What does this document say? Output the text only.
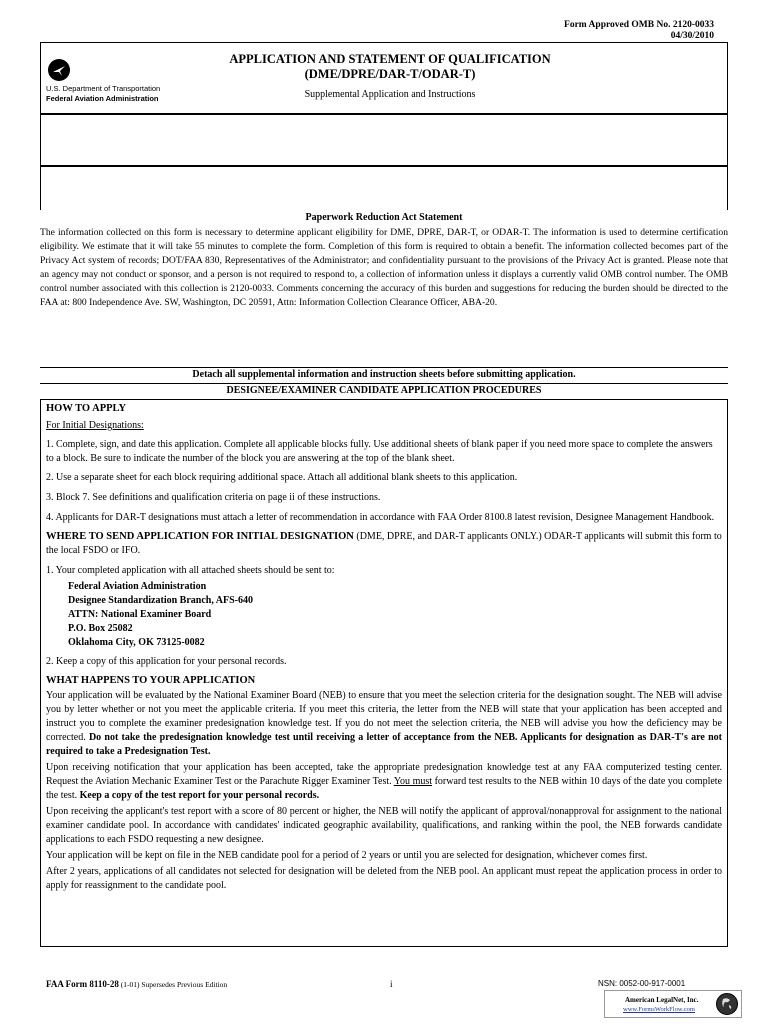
Form Approved OMB No. 2120-0033
04/30/2010
U.S. Department of Transportation
Federal Aviation Administration
APPLICATION AND STATEMENT OF QUALIFICATION
(DME/DPRE/DAR-T/ODAR-T)
Supplemental Application and Instructions
Paperwork Reduction Act Statement
The information collected on this form is necessary to determine applicant eligibility for DME, DPRE, DAR-T, or ODAR-T. The information is used to determine certification eligibility. We estimate that it will take 55 minutes to complete the form. Completion of this form is required to obtain a benefit. The information collected becomes part of the Privacy Act system of records; DOT/FAA 830, Representatives of the Administrator; and confidentiality pursuant to the provisions of the Privacy Act is granted. Please note that an agency may not conduct or sponsor, and a person is not required to respond to, a collection of information unless it displays a currently valid OMB control number. The OMB control number associated with this collection is 2120-0033. Comments concerning the accuracy of this burden and suggestions for reducing the burden should be directed to the FAA at: 800 Independence Ave. SW, Washington, DC 20591, Attn: Information Collection Clearance Officer, ABA-20.
Detach all supplemental information and instruction sheets before submitting application.
DESIGNEE/EXAMINER CANDIDATE APPLICATION PROCEDURES
HOW TO APPLY
For Initial Designations:
1. Complete, sign, and date this application. Complete all applicable blocks fully. Use additional sheets of blank paper if you need more space to complete the answers to a block. Be sure to indicate the number of the block you are answering at the top of the blank sheet.
2. Use a separate sheet for each block requiring additional space. Attach all additional blank sheets to this application.
3. Block 7. See definitions and qualification criteria on page ii of these instructions.
4. Applicants for DAR-T designations must attach a letter of recommendation in accordance with FAA Order 8100.8 latest revision, Designee Management Handbook.
WHERE TO SEND APPLICATION FOR INITIAL DESIGNATION (DME, DPRE, and DAR-T applicants ONLY.) ODAR-T applicants will submit this form to the local FSDO or IFO.
1. Your completed application with all attached sheets should be sent to:
Federal Aviation Administration
Designee Standardization Branch, AFS-640
ATTN: National Examiner Board
P.O. Box 25082
Oklahoma City, OK 73125-0082
2. Keep a copy of this application for your personal records.
WHAT HAPPENS TO YOUR APPLICATION
Your application will be evaluated by the National Examiner Board (NEB) to ensure that you meet the selection criteria for the designation sought. The NEB will advise you by letter whether or not you meet the applicable criteria. If you meet this criteria, the letter from the NEB will state that your application has been accepted and instruct you to complete the examiner predesignation knowledge test. If you do not meet the selection criteria, the NEB will advise you how the deficiency may be corrected. Do not take the predesignation knowledge test until receiving a letter of acceptance from the NEB. Applicants for designation as DAR-T's are not required to take a Predesignation Test.
Upon receiving notification that your application has been accepted, take the appropriate predesignation knowledge test at any FAA computerized testing center. Request the Aviation Mechanic Examiner Test or the Parachute Rigger Examiner Test. You must forward test results to the NEB within 10 days of the date you complete the test. Keep a copy of the test report for your personal records.
Upon receiving the applicant's test report with a score of 80 percent or higher, the NEB will notify the applicant of approval/nonapproval for assignment to the national examiner candidate pool. In accordance with candidates' indicated geographic availability, qualifications, and ranking within the pool, the NEB forwards candidate applications to each FSDO requesting a new designee.
Your application will be kept on file in the NEB candidate pool for a period of 2 years or until you are selected for designation, whichever comes first.
After 2 years, applications of all candidates not selected for designation will be deleted from the NEB pool. An applicant must repeat the application process in order to apply for reassignment to the candidate pool.
FAA Form 8110-28 (1-01) Supersedes Previous Edition	i	NSN: 0052-00-917-0001
American LegalNet, Inc.
www.FormsWorkFlow.com
